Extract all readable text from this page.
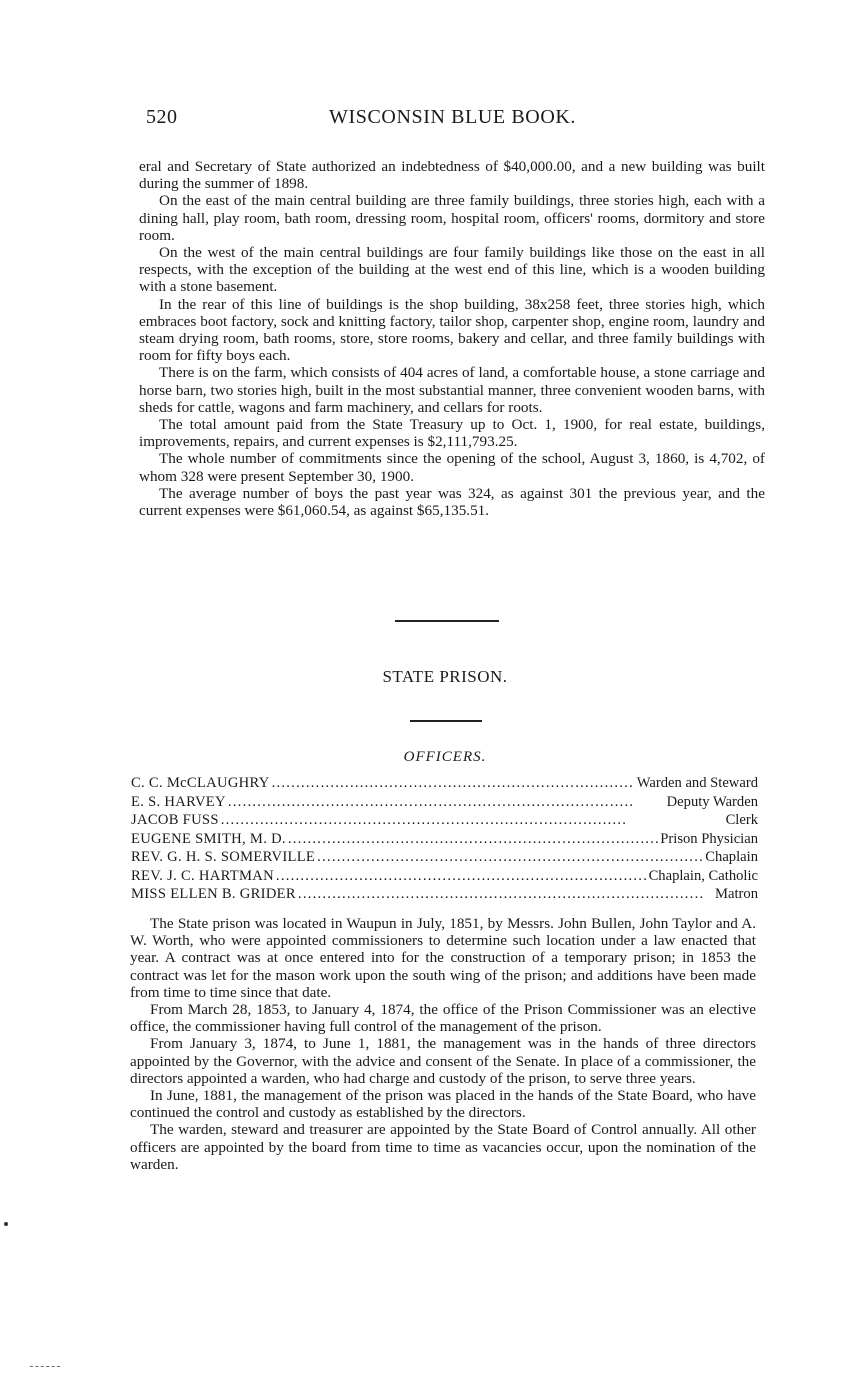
520	WISCONSIN BLUE BOOK.

eral and Secretary of State authorized an indebtedness of $40,000.00, and a new building was built during the summer of 1898.

On the east of the main central building are three family buildings, three stories high, each with a dining hall, play room, bath room, dressing room, hospital room, officers' rooms, dormitory and store room.

On the west of the main central buildings are four family buildings like those on the east in all respects, with the exception of the building at the west end of this line, which is a wooden building with a stone basement.

In the rear of this line of buildings is the shop building, 38x258 feet, three stories high, which embraces boot factory, sock and knitting factory, tailor shop, carpenter shop, engine room, laundry and steam drying room, bath rooms, store, store rooms, bakery and cellar, and three family buildings with room for fifty boys each.

There is on the farm, which consists of 404 acres of land, a comfortable house, a stone carriage and horse barn, two stories high, built in the most substantial manner, three convenient wooden barns, with sheds for cattle, wagons and farm machinery, and cellars for roots.

The total amount paid from the State Treasury up to Oct. 1, 1900, for real estate, buildings, improvements, repairs, and current expenses is $2,111,793.25.

The whole number of commitments since the opening of the school, August 3, 1860, is 4,702, of whom 328 were present September 30, 1900.

The average number of boys the past year was 324, as against 301 the previous year, and the current expenses were $61,060.54, as against $65,135.51.

STATE PRISON.
OFFICERS.
C. C. McCLAUGHRY . . .	Warden and Steward
E. S. HARVEY . . .	Deputy Warden
JACOB FUSS . . .	Clerk
EUGENE SMITH, M. D. . . .	Prison Physician
REV. G. H. S. SOMERVILLE . . .	Chaplain
REV. J. C. HARTMAN . . .	Chaplain, Catholic
MISS ELLEN B. GRIDER . . .	Matron

The State prison was located in Waupun in July, 1851, by Messrs. John Bullen, John Taylor and A. W. Worth, who were appointed commissioners to determine such location under a law enacted that year. A contract was at once entered into for the construction of a temporary prison; in 1853 the contract was let for the mason work upon the south wing of the prison; and additions have been made from time to time since that date.

From March 28, 1853, to January 4, 1874, the office of the Prison Commissioner was an elective office, the commissioner having full control of the management of the prison.

From January 3, 1874, to June 1, 1881, the management was in the hands of three directors appointed by the Governor, with the advice and consent of the Senate. In place of a commissioner, the directors appointed a warden, who had charge and custody of the prison, to serve three years.

In June, 1881, the management of the prison was placed in the hands of the State Board, who have continued the control and custody as established by the directors.

The warden, steward and treasurer are appointed by the State Board of Control annually. All other officers are appointed by the board from time to time as vacancies occur, upon the nomination of the warden.
